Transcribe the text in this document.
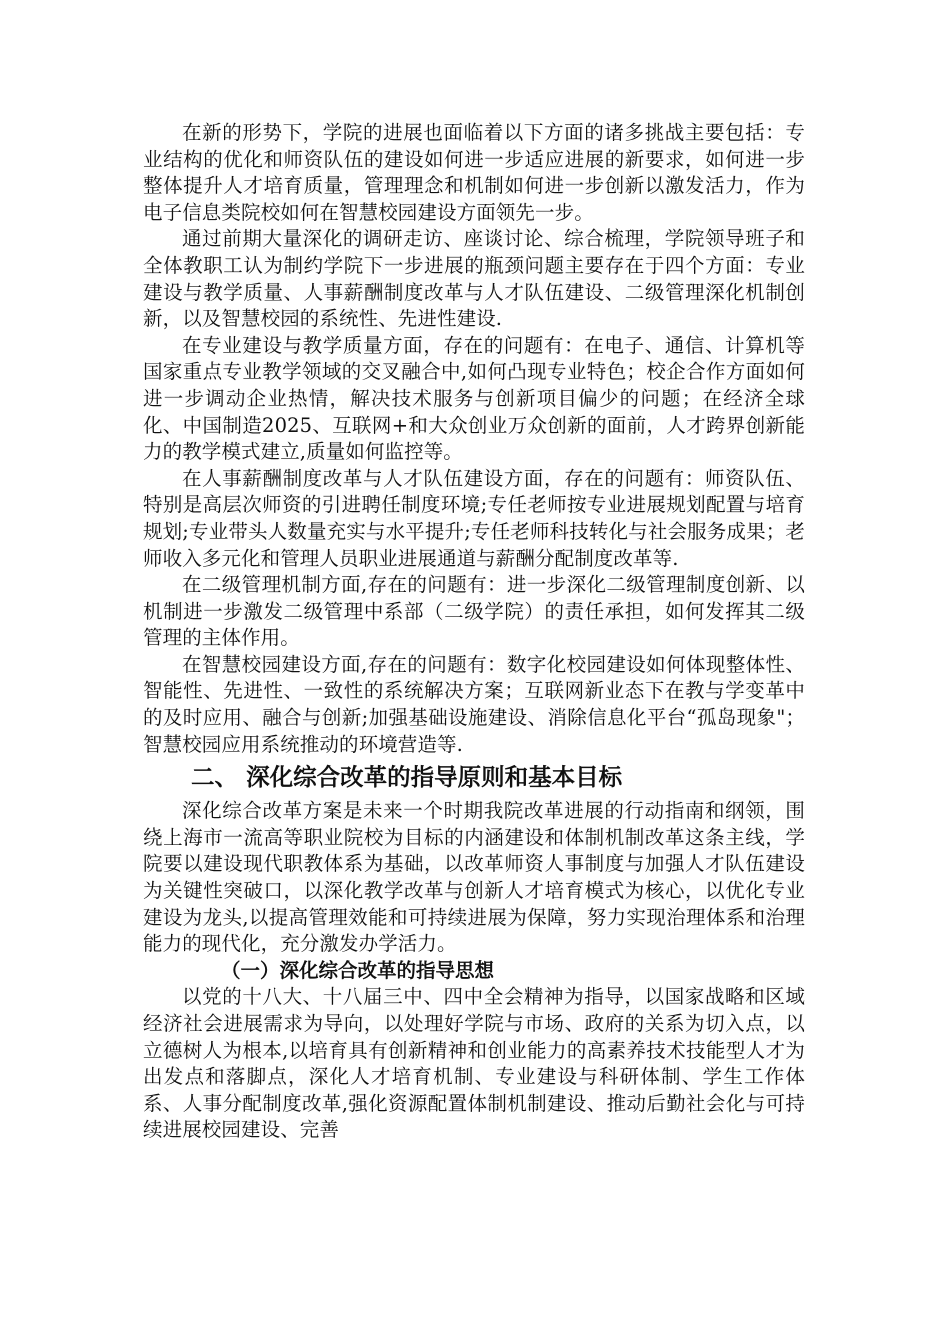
在新的形势下，学院的进展也面临着以下方面的诸多挑战主要包括：专业结构的优化和师资队伍的建设如何进一步适应进展的新要求，如何进一步整体提升人才培育质量，管理理念和机制如何进一步创新以激发活力，作为电子信息类院校如何在智慧校园建设方面领先一步。

通过前期大量深化的调研走访、座谈讨论、综合梳理，学院领导班子和全体教职工认为制约学院下一步进展的瓶颈问题主要存在于四个方面：专业建设与教学质量、人事薪酬制度改革与人才队伍建设、二级管理深化机制创新，以及智慧校园的系统性、先进性建设.

在专业建设与教学质量方面，存在的问题有：在电子、通信、计算机等国家重点专业教学领域的交叉融合中,如何凸现专业特色；校企合作方面如何进一步调动企业热情，解决技术服务与创新项目偏少的问题；在经济全球化、中国制造2025、互联网+和大众创业万众创新的面前，人才跨界创新能力的教学模式建立,质量如何监控等。

在人事薪酬制度改革与人才队伍建设方面，存在的问题有：师资队伍、特别是高层次师资的引进聘任制度环境;专任老师按专业进展规划配置与培育规划;专业带头人数量充实与水平提升;专任老师科技转化与社会服务成果；老师收入多元化和管理人员职业进展通道与薪酬分配制度改革等.

在二级管理机制方面,存在的问题有：进一步深化二级管理制度创新、以机制进一步激发二级管理中系部（二级学院）的责任承担，如何发挥其二级管理的主体作用。

在智慧校园建设方面,存在的问题有：数字化校园建设如何体现整体性、智能性、先进性、一致性的系统解决方案；互联网新业态下在教与学变革中的及时应用、融合与创新;加强基础设施建设、消除信息化平台“孤岛现象"；智慧校园应用系统推动的环境营造等.

二、 深化综合改革的指导原则和基本目标

深化综合改革方案是未来一个时期我院改革进展的行动指南和纲领，围绕上海市一流高等职业院校为目标的内涵建设和体制机制改革这条主线，学院要以建设现代职教体系为基础，以改革师资人事制度与加强人才队伍建设为关键性突破口，以深化教学改革与创新人才培育模式为核心，以优化专业建设为龙头,以提高管理效能和可持续进展为保障，努力实现治理体系和治理能力的现代化，充分激发办学活力。

（一）深化综合改革的指导思想

以党的十八大、十八届三中、四中全会精神为指导，以国家战略和区域经济社会进展需求为导向，以处理好学院与市场、政府的关系为切入点，以立德树人为根本,以培育具有创新精神和创业能力的高素养技术技能型人才为出发点和落脚点，深化人才培育机制、专业建设与科研体制、学生工作体系、人事分配制度改革,强化资源配置体制机制建设、推动后勤社会化与可持续进展校园建设、完善
